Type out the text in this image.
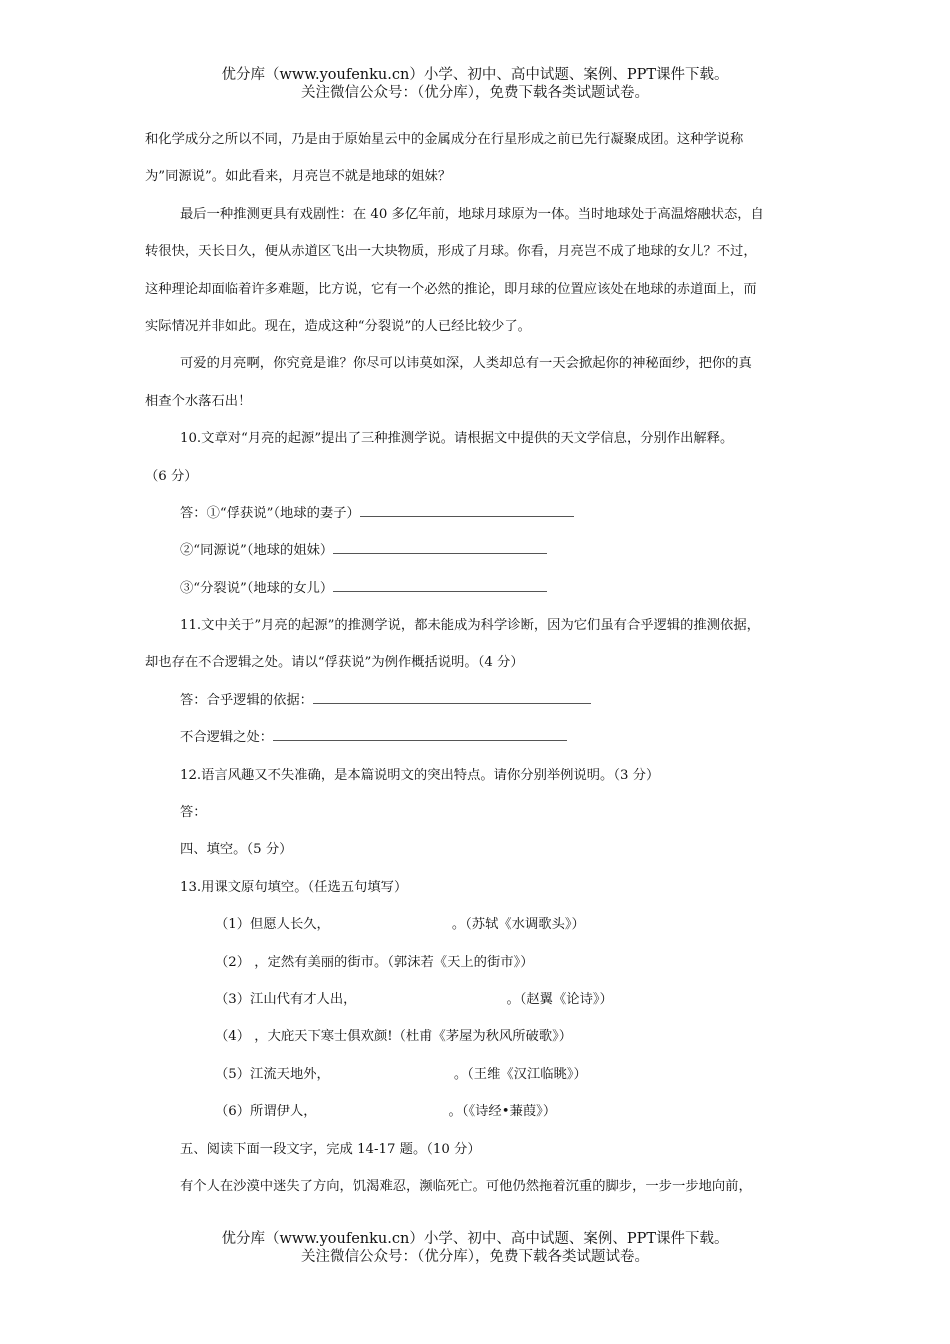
优分库（www.youfenku.cn）小学、初中、高中试题、案例、PPT课件下载。
关注微信公众号：（优分库），免费下载各类试题试卷。
和化学成分之所以不同，乃是由于原始星云中的金属成分在行星形成之前已先行凝聚成团。这种学说称
为”同源说”。如此看来，月亮岂不就是地球的姐妹？
最后一种推测更具有戏剧性：在 40 多亿年前，地球月球原为一体。当时地球处于高温熔融状态，自
转很快，天长日久，便从赤道区飞出一大块物质，形成了月球。你看，月亮岂不成了地球的女儿？不过，
这种理论却面临着许多难题，比方说，它有一个必然的推论，即月球的位置应该处在地球的赤道面上，而
实际情况并非如此。现在，造成这种“分裂说”的人已经比较少了。
可爱的月亮啊，你究竟是谁？你尽可以讳莫如深，人类却总有一天会掀起你的神秘面纱，把你的真
相查个水落石出！
10.文章对“月亮的起源”提出了三种推测学说。请根据文中提供的天文学信息，分别作出解释。
（6 分）
答：①“俘获说”（地球的妻子）
②“同源说”（地球的姐妹）
③“分裂说”（地球的女儿）
11.文中关于”月亮的起源”的推测学说，都未能成为科学诊断，因为它们虽有合乎逻辑的推测依据，
却也存在不合逻辑之处。请以“俘获说”为例作概括说明。（4 分）
答：合乎逻辑的依据：
不合逻辑之处：
12.语言风趣又不失准确，是本篇说明文的突出特点。请你分别举例说明。（3 分）
答：
四、填空。（5 分）
13.用课文原句填空。（任选五句填写）
（1）但愿人长久，	。（苏轼《水调歌头》）
（2） ，定然有美丽的街市。（郭沫若《天上的街市》）
（3）江山代有才人出，	。（赵翼《论诗》）
（4） ，大庇天下寒士俱欢颜!（杜甫《茅屋为秋风所破歌》）
（5）江流天地外，	。（王维《汉江临眺》）
（6）所谓伊人，	。（《诗经•蒹葭》）
五、阅读下面一段文字，完成 14-17 题。（10 分）
有个人在沙漠中迷失了方向，饥渴难忍，濒临死亡。可他仍然拖着沉重的脚步，一步一步地向前，
优分库（www.youfenku.cn）小学、初中、高中试题、案例、PPT课件下载。
关注微信公众号：（优分库），免费下载各类试题试卷。
